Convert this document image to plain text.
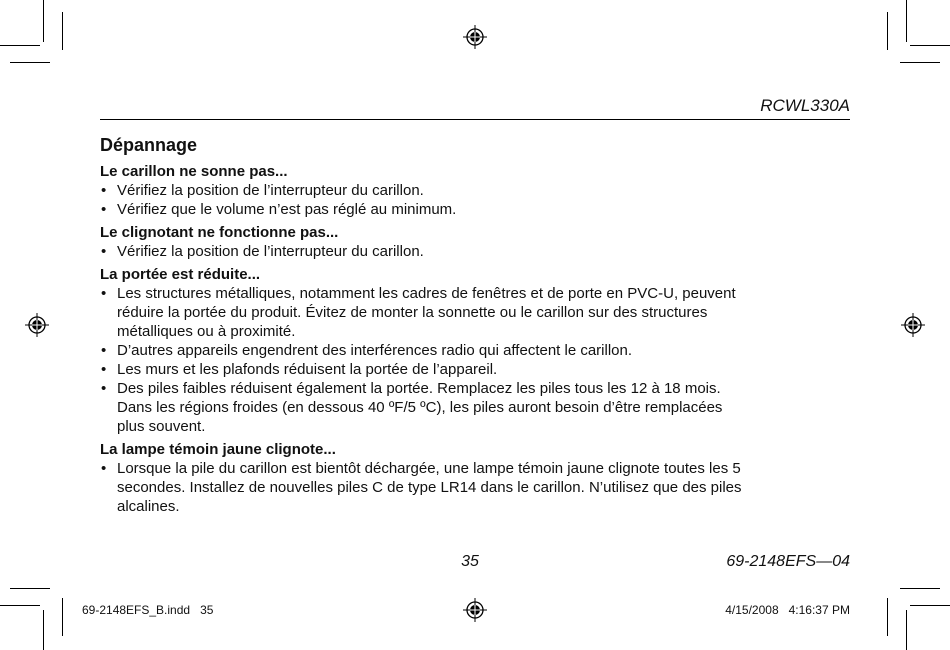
RCWL330A
Dépannage
Le carillon ne sonne pas...
• Vérifiez la position de l’interrupteur du carillon.
• Vérifiez que le volume n’est pas réglé au minimum.
Le clignotant ne fonctionne pas...
• Vérifiez la position de l’interrupteur du carillon.
La portée est réduite...
• Les structures métalliques, notamment les cadres de fenêtres et de porte en PVC-U, peuvent
réduire la portée du produit. Évitez de monter la sonnette ou le carillon sur des structures
métalliques ou à proximité.
• D’autres appareils engendrent des interférences radio qui affectent le carillon.
• Les murs et les plafonds réduisent la portée de l’appareil.
• Des piles faibles réduisent également la portée. Remplacez les piles tous les 12 à 18 mois.
Dans les régions froides (en dessous 40 ºF/5 ºC), les piles auront besoin d’être remplacées
plus souvent.
La lampe témoin jaune clignote...
• Lorsque la pile du carillon est bientôt déchargée, une lampe témoin jaune clignote toutes les 5
secondes. Installez de nouvelles piles C de type LR14 dans le carillon. N’utilisez que des piles
alcalines.
35	69-2148EFS—04
69-2148EFS_B.indd   35	4/15/2008   4:16:37 PM
